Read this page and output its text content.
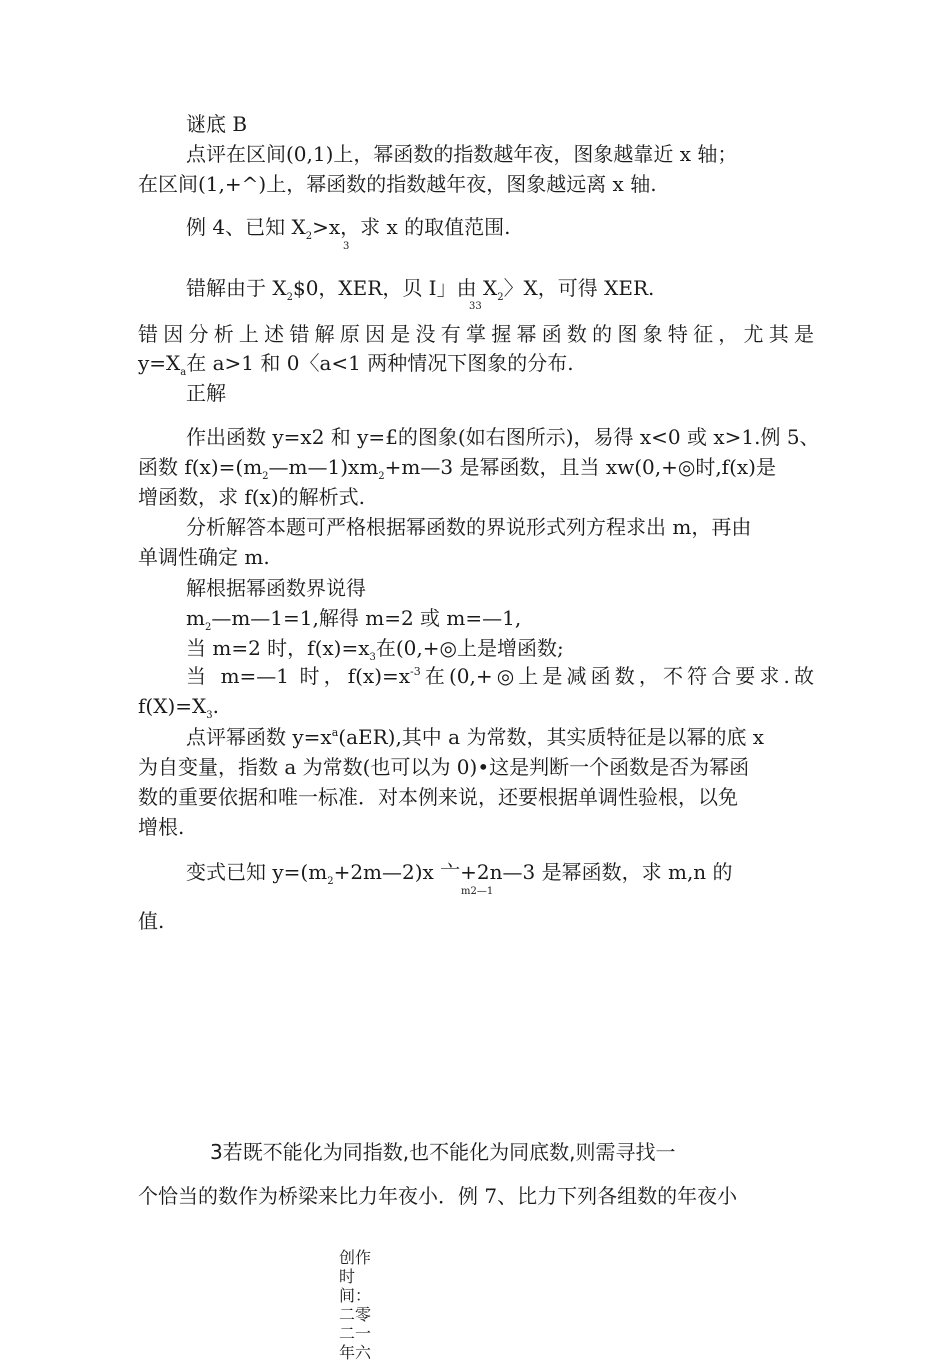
谜底 B
点评在区间(0,1)上，幂函数的指数越年夜，图象越靠近 x 轴；
在区间(1,+^)上，幂函数的指数越年夜，图象越远离 x 轴.
例 4、已知 $X_2>x$，求 x 的取值范围.
3
错解由于 $X_2\$0$，XER，贝 I」由 $X_2$〉X，可得 XER.
33
错因分析上述错解原因是没有掌握幂函数的图象特征，尤其是
$y=X_a$在 a>1 和 0〈a<1 两种情况下图象的分布.
正解
作出函数 y=x2 和 y=£的图象(如右图所示)，易得 x<0 或 x>1.例 5、
函数 $f(x)=(m_2—m—1)xm_2+m—3$ 是幂函数，且当 xw(0,+◎时,f(x)是
增函数，求 f(x)的解析式.
分析解答本题可严格根据幂函数的界说形式列方程求出 m，再由
单调性确定 m.
解根据幂函数界说得
$m_2—m—1=1$,解得 m=2 或 m=—1,
当 m=2 时，$f(x)=x_3$在(0,+◎上是增函数;
当 m=—1 时，$f(x)=x^{-3}$在(0,+◎上是减函数，不符合要求.故
$f(X)=X_3$.
点评幂函数 $y=x^a(aER)$,其中 a 为常数，其实质特征是以幂的底 x
为自变量，指数 a 为常数(也可以为 0)•这是判断一个函数是否为幂函
数的重要依据和唯一标准．对本例来说，还要根据单调性验根，以免
增根.
变式已知 $y=(m_2+2m—2)x$ 亠+2n—3 是幂函数，求 m,n 的
m2—1
值.
3若既不能化为同指数,也不能化为同底数,则需寻找一
个恰当的数作为桥梁来比力年夜小．例 7、比力下列各组数的年夜小
创作时间：二零二一年六
